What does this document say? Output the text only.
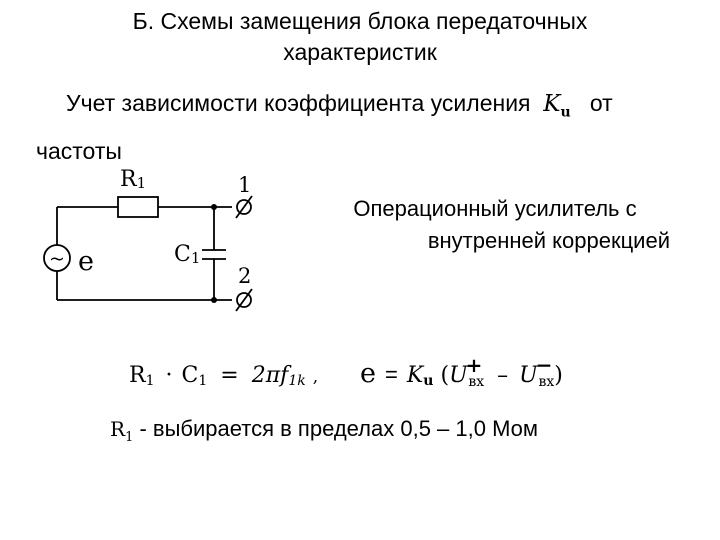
Б. Схемы замещения блока передаточных
характеристик
Учет зависимости коэффициента усиления $K_u$ от
частоты
~ e
R1
C1
1
2
R1 · C1 = 2πf1k , e = Ku (U+ вх – U− вх)
Операционный усилитель с
внутренней коррекцией
$R_1$ - выбирается в пределах 0,5 – 1,0 Мом
